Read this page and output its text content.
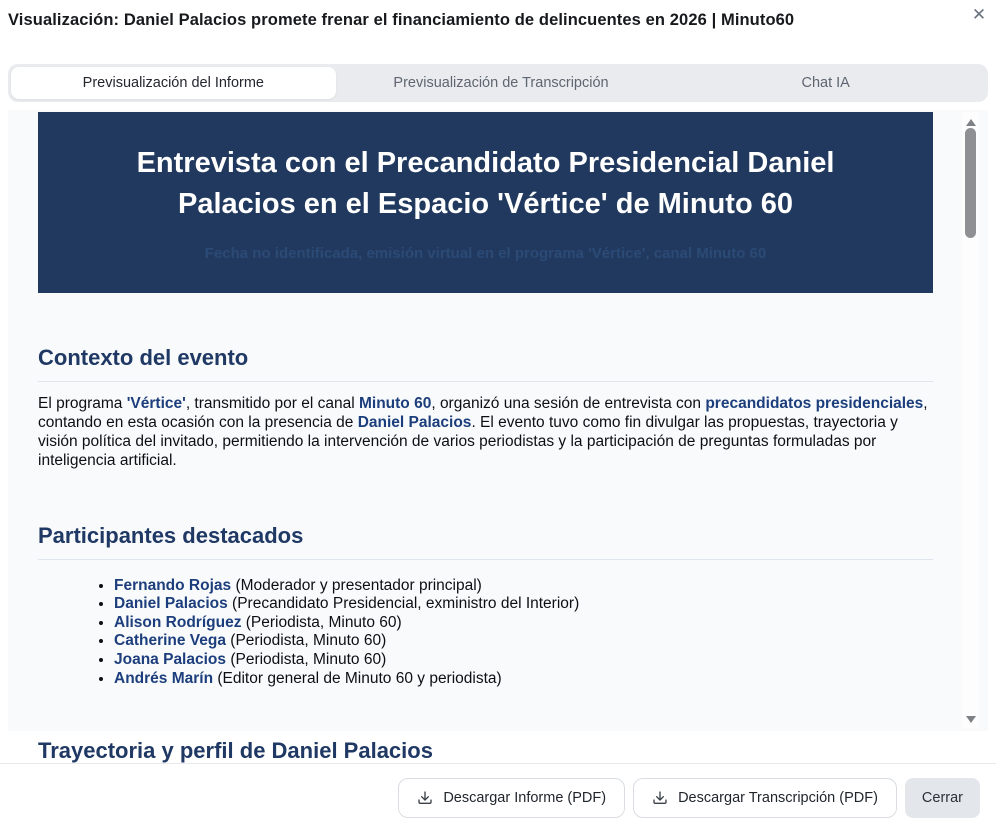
Visualización: Daniel Palacios promete frenar el financiamiento de delincuentes en 2026 | Minuto60	✕
Previsualización del Informe	Previsualización de Transcripción	Chat IA
Entrevista con el Precandidato Presidencial Daniel Palacios en el Espacio 'Vértice' de Minuto 60
Fecha no identificada, emisión virtual en el programa 'Vértice', canal Minuto 60
Contexto del evento

El programa 'Vértice', transmitido por el canal Minuto 60, organizó una sesión de entrevista con precandidatos presidenciales, contando en esta ocasión con la presencia de Daniel Palacios. El evento tuvo como fin divulgar las propuestas, trayectoria y visión política del invitado, permitiendo la intervención de varios periodistas y la participación de preguntas formuladas por inteligencia artificial.

Participantes destacados
• Fernando Rojas (Moderador y presentador principal)
• Daniel Palacios (Precandidato Presidencial, exministro del Interior)
• Alison Rodríguez (Periodista, Minuto 60)
• Catherine Vega (Periodista, Minuto 60)
• Joana Palacios (Periodista, Minuto 60)
• Andrés Marín (Editor general de Minuto 60 y periodista)
Trayectoria y perfil de Daniel Palacios
Descargar Informe (PDF)	Descargar Transcripción (PDF)	Cerrar
